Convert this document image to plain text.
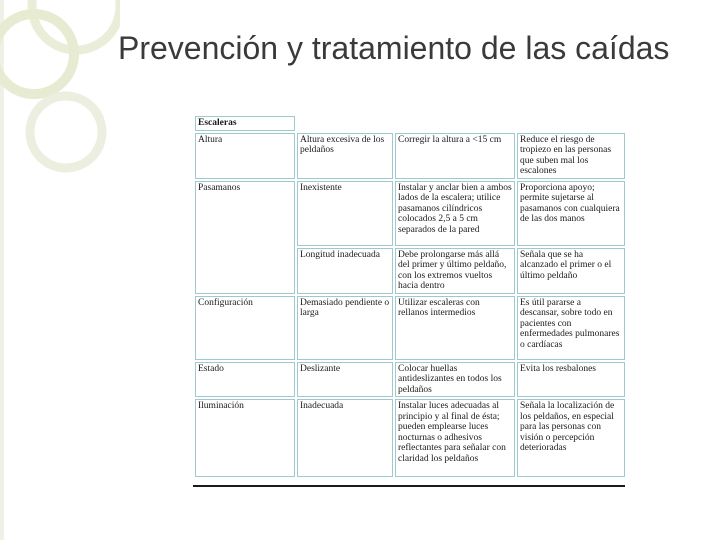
Prevención y tratamiento de las caídas
Escaleras			
Altura	Altura excesiva de los peldaños	Corregir la altura a <15 cm	Reduce el riesgo de tropiezo en las personas que suben mal los escalones
Pasamanos	Inexistente	Instalar y anclar bien a ambos lados de la escalera; utilice pasamanos cilíndricos colocados 2,5 a 5 cm separados de la pared	Proporciona apoyo; permite sujetarse al pasamanos con cualquiera de las dos manos
	Longitud inadecuada	Debe prolongarse más allá del primer y último peldaño, con los extremos vueltos hacia dentro	Señala que se ha alcanzado el primer o el último peldaño
Configuración	Demasiado pendiente o larga	Utilizar escaleras con rellanos intermedios	Es útil pararse a descansar, sobre todo en pacientes con enfermedades pulmonares o cardíacas
Estado	Deslizante	Colocar huellas antideslizantes en todos los peldaños	Evita los resbalones
Iluminación	Inadecuada	Instalar luces adecuadas al principio y al final de ésta; pueden emplearse luces nocturnas o adhesivos reflectantes para señalar con claridad los peldaños	Señala la localización de los peldaños, en especial para las personas con visión o percepción deterioradas
